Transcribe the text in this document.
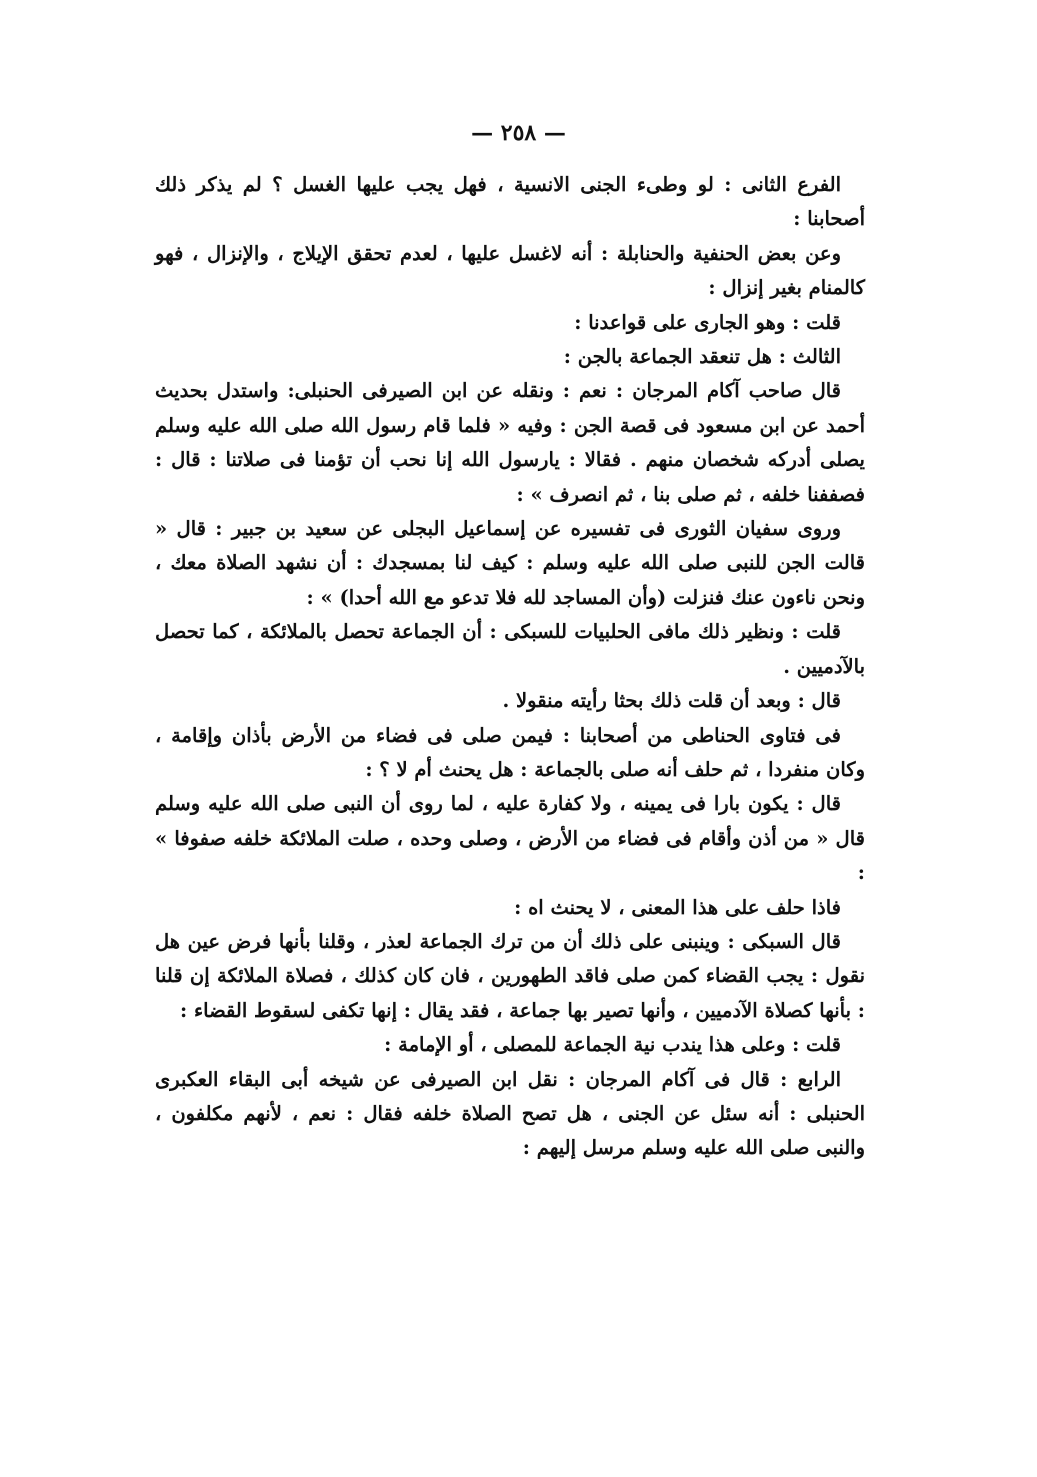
— ٢٥٨ —

الفرع الثانى : لو وطىء الجنى الانسية ، فهل يجب عليها الغسل ؟ لم يذكر ذلك أصحابنا :

وعن بعض الحنفية والحنابلة : أنه لاغسل عليها ، لعدم تحقق الإيلاج ، والإنزال ، فهو كالمنام بغير إنزال :

قلت : وهو الجارى على قواعدنا :

الثالث : هل تنعقد الجماعة بالجن :

قال صاحب آكام المرجان : نعم : ونقله عن ابن الصيرفى الحنبلى: واستدل بحديث أحمد عن ابن مسعود فى قصة الجن : وفيه « فلما قام رسول الله صلى الله عليه وسلم يصلى أدركه شخصان منهم . فقالا : يارسول الله إنا نحب أن تؤمنا فى صلاتنا : قال : فصففنا خلفه ، ثم صلى بنا ، ثم انصرف » :

وروى سفيان الثورى فى تفسيره عن إسماعيل البجلى عن سعيد بن جبير : قال « قالت الجن للنبى صلى الله عليه وسلم : كيف لنا بمسجدك : أن نشهد الصلاة معك ، ونحن ناءون عنك فنزلت (وأن المساجد لله فلا تدعو مع الله أحدا) » :

قلت : ونظير ذلك مافى الحلبيات للسبكى : أن الجماعة تحصل بالملائكة ، كما تحصل بالآدميين .

قال : وبعد أن قلت ذلك بحثا رأيته منقولا .

فى فتاوى الحناطى من أصحابنا : فيمن صلى فى فضاء من الأرض بأذان وإقامة ، وكان منفردا ، ثم حلف أنه صلى بالجماعة : هل يحنث أم لا ؟ :

قال : يكون بارا فى يمينه ، ولا كفارة عليه ، لما روى أن النبى صلى الله عليه وسلم قال « من أذن وأقام فى فضاء من الأرض ، وصلى وحده ، صلت الملائكة خلفه صفوفا » :

فاذا حلف على هذا المعنى ، لا يحنث اه :

قال السبكى : وينبنى على ذلك أن من ترك الجماعة لعذر ، وقلنا بأنها فرض عين هل نقول : يجب القضاء كمن صلى فاقد الطهورين ، فان كان كذلك ، فصلاة الملائكة إن قلنا : بأنها كصلاة الآدميين ، وأنها تصير بها جماعة ، فقد يقال : إنها تكفى لسقوط القضاء :

قلت : وعلى هذا يندب نية الجماعة للمصلى ، أو الإمامة :

الرابع : قال فى آكام المرجان : نقل ابن الصيرفى عن شيخه أبى البقاء العكبرى الحنبلى : أنه سئل عن الجنى ، هل تصح الصلاة خلفه فقال : نعم ، لأنهم مكلفون ، والنبى صلى الله عليه وسلم مرسل إليهم :
